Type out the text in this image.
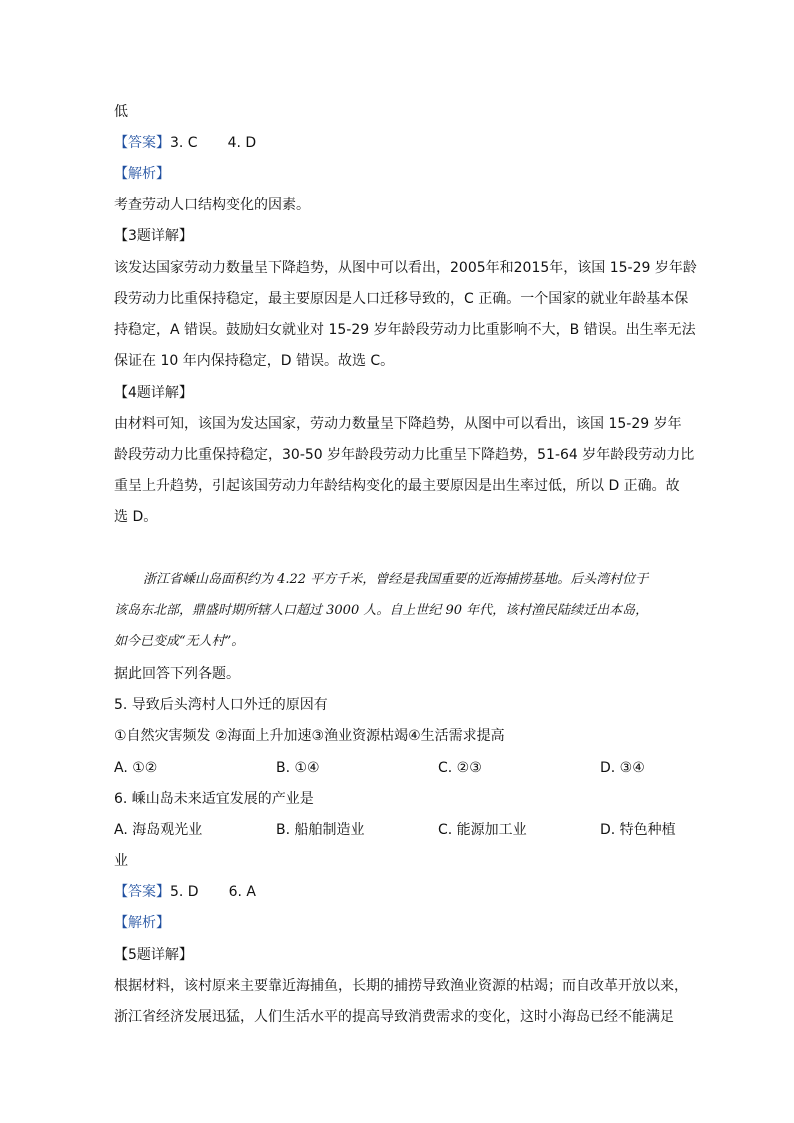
低
【答案】3. C 4. D
【解析】
考查劳动人口结构变化的因素。
【3题详解】
该发达国家劳动力数量呈下降趋势，从图中可以看出，2005年和2015年，该国 15-29 岁年龄
段劳动力比重保持稳定，最主要原因是人口迁移导致的，C 正确。一个国家的就业年龄基本保
持稳定，A 错误。鼓励妇女就业对 15-29 岁年龄段劳动力比重影响不大，B 错误。出生率无法
保证在 10 年内保持稳定，D 错误。故选 C。
【4题详解】
由材料可知，该国为发达国家，劳动力数量呈下降趋势，从图中可以看出，该国 15-29 岁年
龄段劳动力比重保持稳定，30-50 岁年龄段劳动力比重呈下降趋势，51-64 岁年龄段劳动力比
重呈上升趋势，引起该国劳动力年龄结构变化的最主要原因是出生率过低，所以 D 正确。故
选 D。
浙江省嵊山岛面积约为 4.22 平方千米，曾经是我国重要的近海捕捞基地。后头湾村位于
该岛东北部，鼎盛时期所辖人口超过 3000 人。自上世纪 90 年代，该村渔民陆续迁出本岛，
如今已变成“无人村”。
据此回答下列各题。
5. 导致后头湾村人口外迁的原因有
①自然灾害频发 ②海面上升加速③渔业资源枯竭④生活需求提高
A. ①②	B. ①④	C. ②③	D. ③④
6. 嵊山岛未来适宜发展的产业是
A. 海岛观光业	B. 船舶制造业	C. 能源加工业	D. 特色种植
业
【答案】5. D 6. A
【解析】
【5题详解】
根据材料，该村原来主要靠近海捕鱼，长期的捕捞导致渔业资源的枯竭；而自改革开放以来，
浙江省经济发展迅猛，人们生活水平的提高导致消费需求的变化，这时小海岛已经不能满足
